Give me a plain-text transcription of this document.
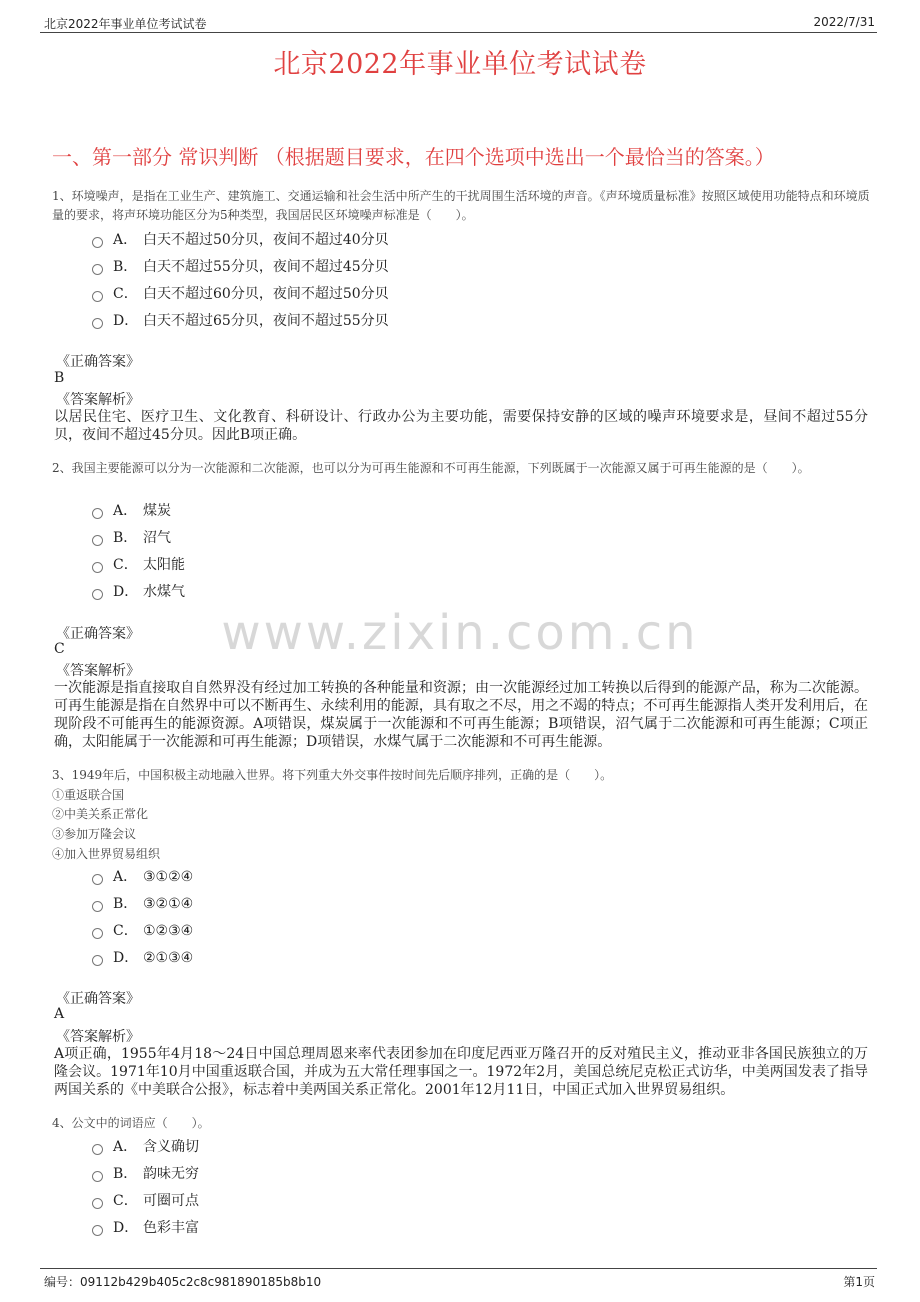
北京2022年事业单位考试试卷	2022/7/31
北京2022年事业单位考试试卷
一、第一部分 常识判断 （根据题目要求，在四个选项中选出一个最恰当的答案。）
www.zixin.com.cn
1、环境噪声，是指在工业生产、建筑施工、交通运输和社会生活中所产生的干扰周围生活环境的声音。《声环境质量标准》按照区域使用功能特点和环境质量的要求，将声环境功能区分为5种类型，我国居民区环境噪声标准是（　　）。
A． 白天不超过50分贝，夜间不超过40分贝
B． 白天不超过55分贝，夜间不超过45分贝
C． 白天不超过60分贝，夜间不超过50分贝
D． 白天不超过65分贝，夜间不超过55分贝
《正确答案》
B
《答案解析》
以居民住宅、医疗卫生、文化教育、科研设计、行政办公为主要功能，需要保持安静的区域的噪声环境要求是，昼间不超过55分贝，夜间不超过45分贝。因此B项正确。
2、我国主要能源可以分为一次能源和二次能源，也可以分为可再生能源和不可再生能源，下列既属于一次能源又属于可再生能源的是（　　）。
A． 煤炭
B． 沼气
C． 太阳能
D． 水煤气
《正确答案》
C
《答案解析》
一次能源是指直接取自自然界没有经过加工转换的各种能量和资源；由一次能源经过加工转换以后得到的能源产品，称为二次能源。可再生能源是指在自然界中可以不断再生、永续利用的能源，具有取之不尽，用之不竭的特点；不可再生能源指人类开发利用后，在现阶段不可能再生的能源资源。A项错误，煤炭属于一次能源和不可再生能源；B项错误，沼气属于二次能源和可再生能源；C项正确，太阳能属于一次能源和可再生能源；D项错误，水煤气属于二次能源和不可再生能源。
3、1949年后，中国积极主动地融入世界。将下列重大外交事件按时间先后顺序排列，正确的是（　　）。
①重返联合国
②中美关系正常化
③参加万隆会议
④加入世界贸易组织
A． ③①②④
B． ③②①④
C． ①②③④
D． ②①③④
《正确答案》
A
《答案解析》
A项正确，1955年4月18～24日中国总理周恩来率代表团参加在印度尼西亚万隆召开的反对殖民主义，推动亚非各国民族独立的万隆会议。1971年10月中国重返联合国，并成为五大常任理事国之一。1972年2月，美国总统尼克松正式访华，中美两国发表了指导两国关系的《中美联合公报》，标志着中美两国关系正常化。2001年12月11日，中国正式加入世界贸易组织。
4、公文中的词语应（　　）。
A． 含义确切
B． 韵味无穷
C． 可圈可点
D． 色彩丰富
编号：09112b429b405c2c8c981890185b8b10	第1页
